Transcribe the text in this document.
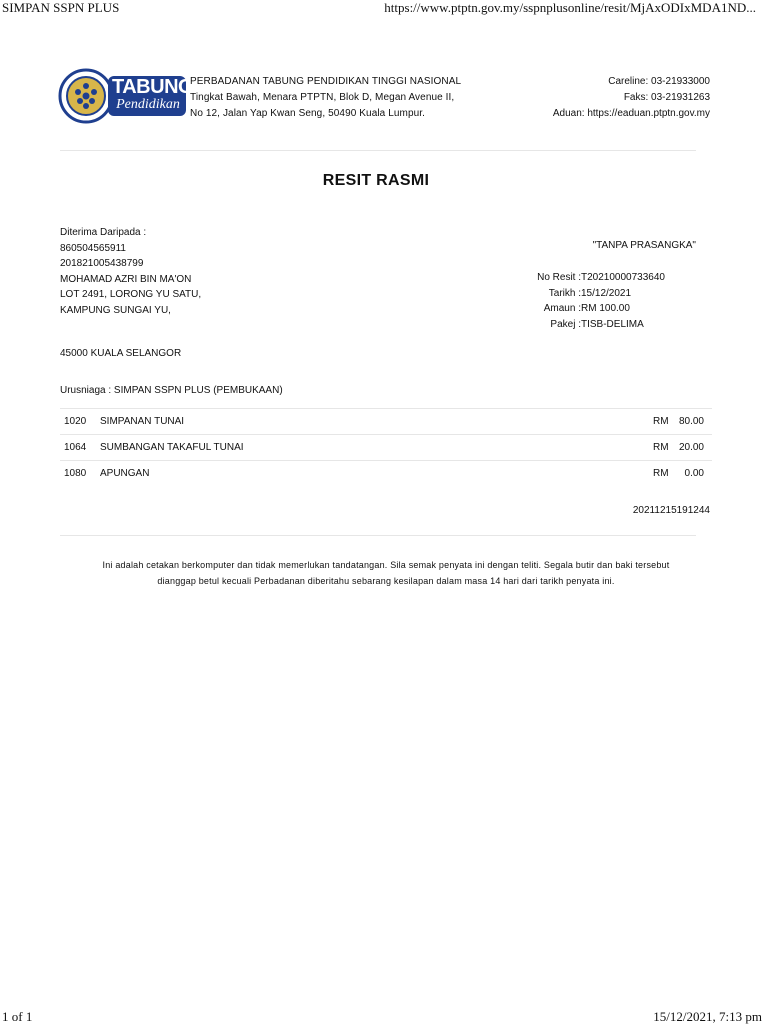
SIMPAN SSPN PLUS	https://www.ptptn.gov.my/sspnplusonline/resit/MjAxODIxMDA1ND...
TABUNG
Pendidikan
PERBADANAN TABUNG PENDIDIKAN TINGGI NASIONAL
Tingkat Bawah, Menara PTPTN, Blok D, Megan Avenue II,
No 12, Jalan Yap Kwan Seng, 50490 Kuala Lumpur.
Careline: 03-21933000
Faks: 03-21931263
Aduan: https://eaduan.ptptn.gov.my
RESIT RASMI
Diterima Daripada :
860504565911
201821005438799
MOHAMAD AZRI BIN MA'ON
LOT 2491, LORONG YU SATU,
KAMPUNG SUNGAI YU,
"TANPA PRASANGKA"
No Resit : T20210000733640
Tarikh : 15/12/2021
Amaun : RM 100.00
Pakej : TISB-DELIMA
45000 KUALA SELANGOR
Urusniaga : SIMPAN SSPN PLUS (PEMBUKAAN)
1020	SIMPANAN TUNAI	RM 80.00
1064	SUMBANGAN TAKAFUL TUNAI	RM 20.00
1080	APUNGAN	RM 0.00
20211215191244
Ini adalah cetakan berkomputer dan tidak memerlukan tandatangan. Sila semak penyata ini dengan teliti. Segala butir dan baki tersebut
dianggap betul kecuali Perbadanan diberitahu sebarang kesilapan dalam masa 14 hari dari tarikh penyata ini.
1 of 1	15/12/2021, 7:13 pm
